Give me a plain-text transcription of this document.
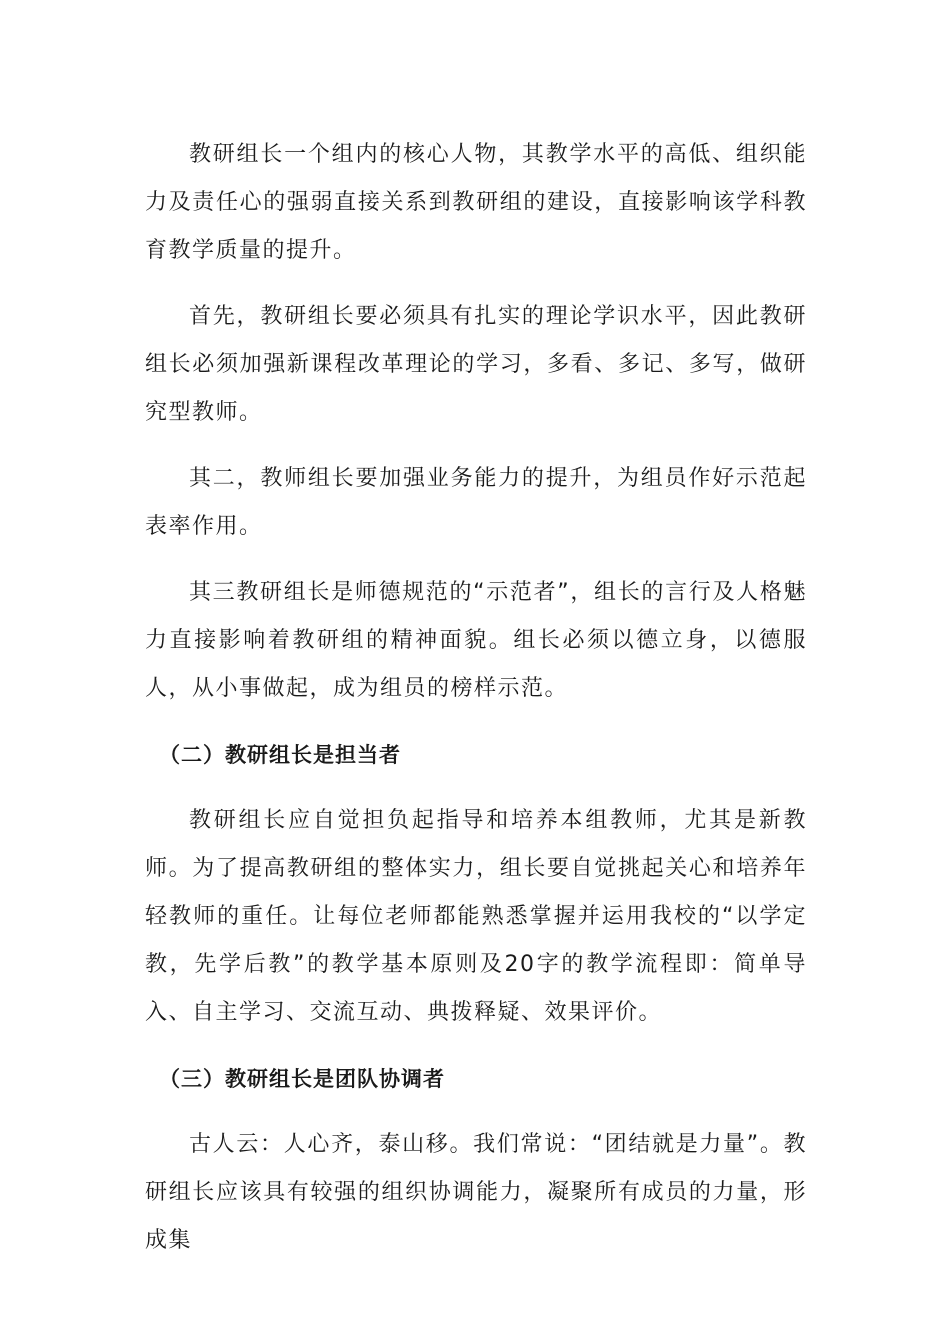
教研组长一个组内的核心人物，其教学水平的高低、组织能力及责任心的强弱直接关系到教研组的建设，直接影响该学科教育教学质量的提升。

首先，教研组长要必须具有扎实的理论学识水平，因此教研组长必须加强新课程改革理论的学习，多看、多记、多写，做研究型教师。

其二，教师组长要加强业务能力的提升，为组员作好示范起表率作用。

其三教研组长是师德规范的“示范者”，组长的言行及人格魅力直接影响着教研组的精神面貌。组长必须以德立身，以德服人，从小事做起，成为组员的榜样示范。

（二）教研组长是担当者

教研组长应自觉担负起指导和培养本组教师，尤其是新教师。为了提高教研组的整体实力，组长要自觉挑起关心和培养年轻教师的重任。让每位老师都能熟悉掌握并运用我校的“以学定教，先学后教”的教学基本原则及20字的教学流程即：简单导入、自主学习、交流互动、典拨释疑、效果评价。

（三）教研组长是团队协调者

古人云：人心齐，泰山移。我们常说：“团结就是力量”。教研组长应该具有较强的组织协调能力，凝聚所有成员的力量，形成集
